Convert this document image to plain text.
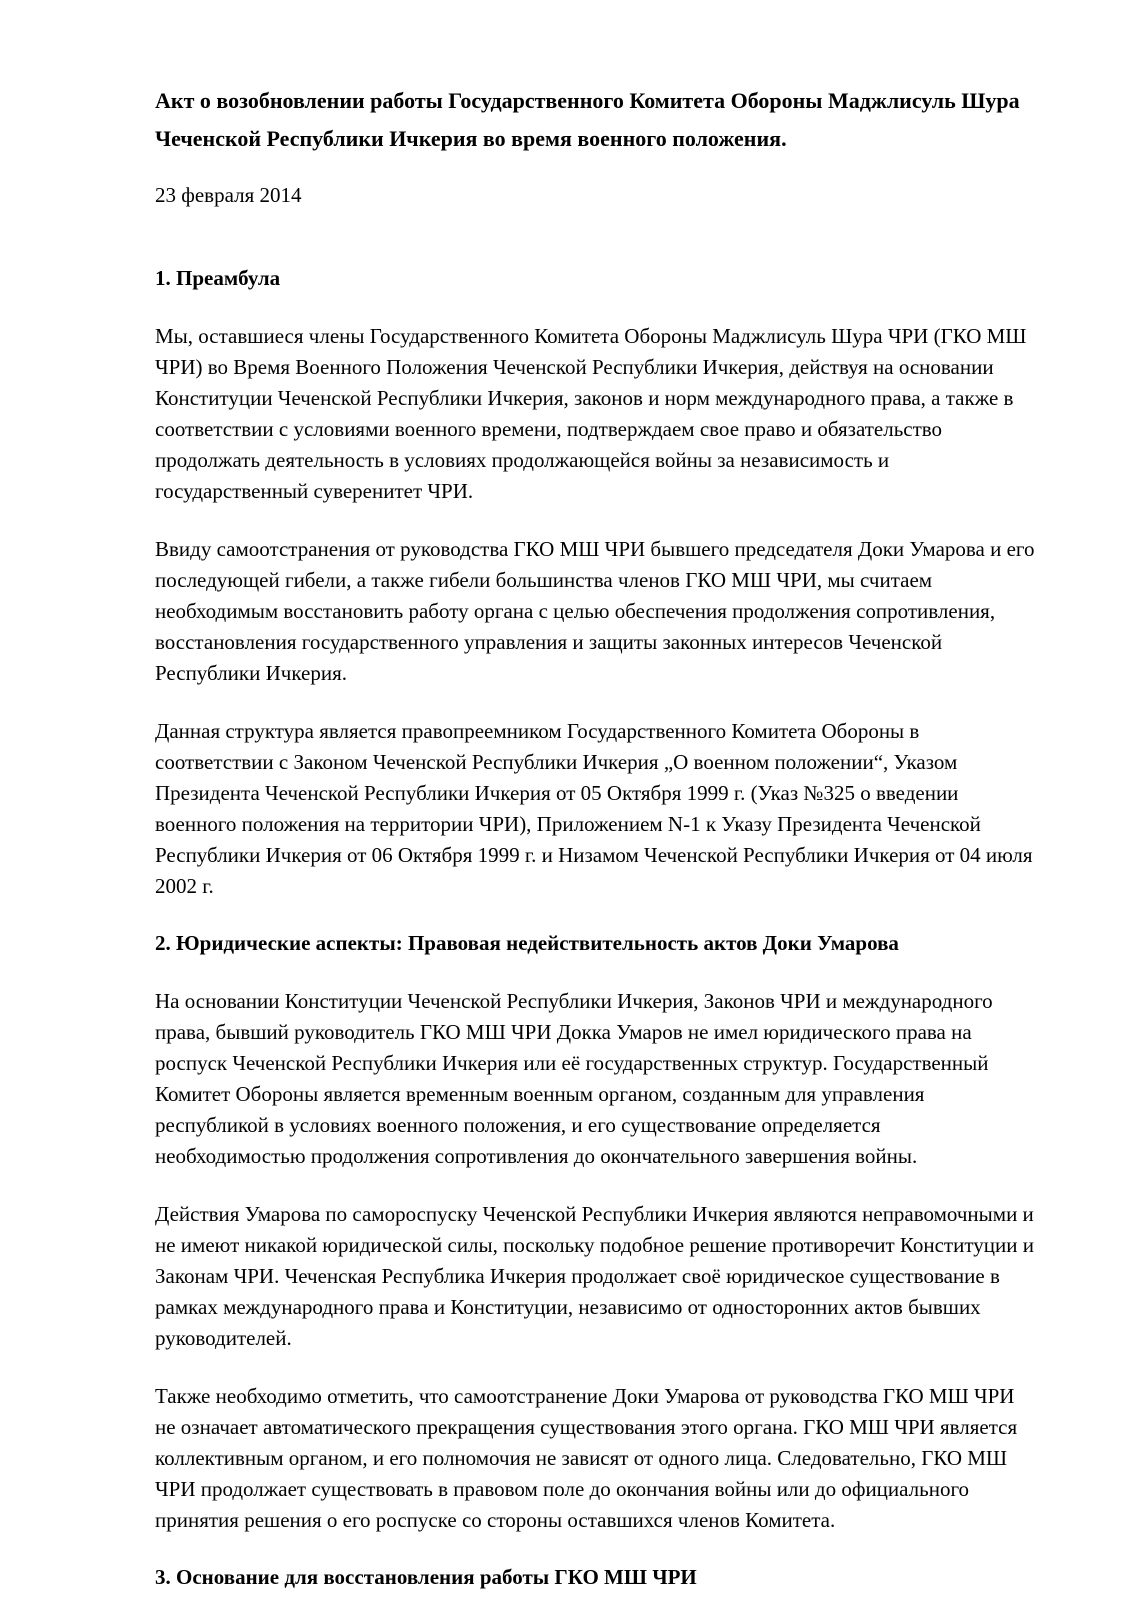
Акт о возобновлении работы Государственного Комитета Обороны Маджлисуль Шура Чеченской Республики Ичкерия во время военного положения.

23 февраля 2014

1. Преамбула

Мы, оставшиеся члены Государственного Комитета Обороны Маджлисуль Шура ЧРИ (ГКО МШ ЧРИ) во Время Военного Положения Чеченской Республики Ичкерия, действуя на основании Конституции Чеченской Республики Ичкерия, законов и норм международного права, а также в соответствии с условиями военного времени, подтверждаем свое право и обязательство продолжать деятельность в условиях продолжающейся войны за независимость и государственный суверенитет ЧРИ.

Ввиду самоотстранения от руководства ГКО МШ ЧРИ бывшего председателя Доки Умарова и его последующей гибели, а также гибели большинства членов ГКО МШ ЧРИ, мы считаем необходимым восстановить работу органа с целью обеспечения продолжения сопротивления, восстановления государственного управления и защиты законных интересов Чеченской Республики Ичкерия.

Данная структура является правопреемником Государственного Комитета Обороны в соответствии с Законом Чеченской Республики Ичкерия „О военном положении“, Указом Президента Чеченской Республики Ичкерия от 05 Октября 1999 г. (Указ №325 о введении военного положения на территории ЧРИ), Приложением N-1 к Указу Президента Чеченской Республики Ичкерия от 06 Октября 1999 г. и Низамом Чеченской Республики Ичкерия от 04 июля 2002 г.

2. Юридические аспекты: Правовая недействительность актов Доки Умарова

На основании Конституции Чеченской Республики Ичкерия, Законов ЧРИ и международного права, бывший руководитель ГКО МШ ЧРИ Докка Умаров не имел юридического права на роспуск Чеченской Республики Ичкерия или её государственных структур. Государственный Комитет Обороны является временным военным органом, созданным для управления республикой в условиях военного положения, и его существование определяется необходимостью продолжения сопротивления до окончательного завершения войны.

Действия Умарова по самороспуску Чеченской Республики Ичкерия являются неправомочными и не имеют никакой юридической силы, поскольку подобное решение противоречит Конституции и Законам ЧРИ. Чеченская Республика Ичкерия продолжает своё юридическое существование в рамках международного права и Конституции, независимо от односторонних актов бывших руководителей.

Также необходимо отметить, что самоотстранение Доки Умарова от руководства ГКО МШ ЧРИ не означает автоматического прекращения существования этого органа. ГКО МШ ЧРИ является коллективным органом, и его полномочия не зависят от одного лица. Следовательно, ГКО МШ ЧРИ продолжает существовать в правовом поле до окончания войны или до официального принятия решения о его роспуске со стороны оставшихся членов Комитета.

3. Основание для восстановления работы ГКО МШ ЧРИ
